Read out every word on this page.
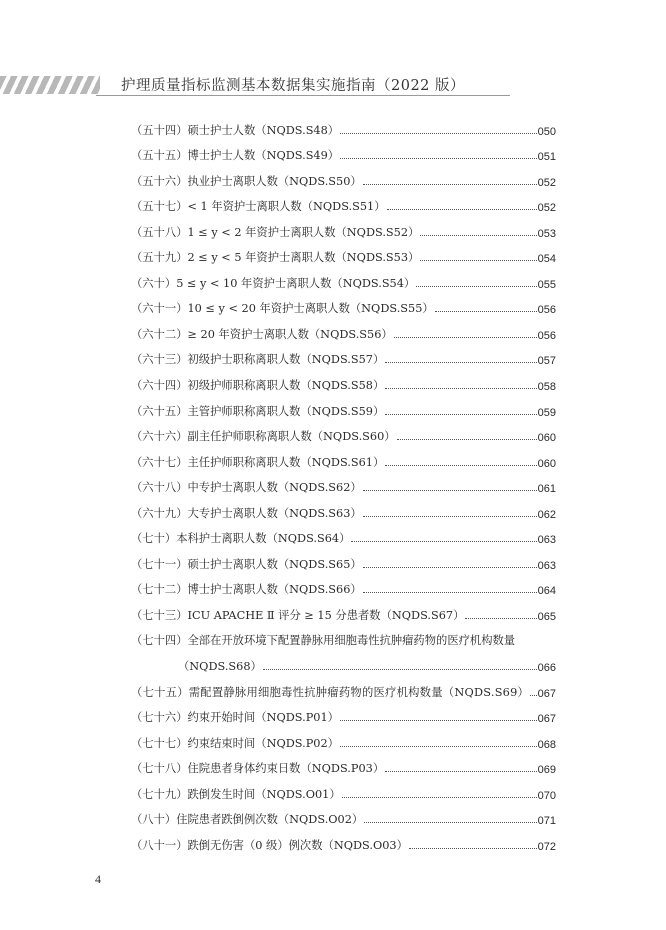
护理质量指标监测基本数据集实施指南（2022 版）
（五十四）硕士护士人数（NQDS.S48）	050
（五十五）博士护士人数（NQDS.S49）	051
（五十六）执业护士离职人数（NQDS.S50）	052
（五十七）< 1 年资护士离职人数（NQDS.S51）	052
（五十八）1 ≤ y < 2 年资护士离职人数（NQDS.S52）	053
（五十九）2 ≤ y < 5 年资护士离职人数（NQDS.S53）	054
（六十）5 ≤ y < 10 年资护士离职人数（NQDS.S54）	055
（六十一）10 ≤ y < 20 年资护士离职人数（NQDS.S55）	056
（六十二）≥ 20 年资护士离职人数（NQDS.S56）	056
（六十三）初级护士职称离职人数（NQDS.S57）	057
（六十四）初级护师职称离职人数（NQDS.S58）	058
（六十五）主管护师职称离职人数（NQDS.S59）	059
（六十六）副主任护师职称离职人数（NQDS.S60）	060
（六十七）主任护师职称离职人数（NQDS.S61）	060
（六十八）中专护士离职人数（NQDS.S62）	061
（六十九）大专护士离职人数（NQDS.S63）	062
（七十）本科护士离职人数（NQDS.S64）	063
（七十一）硕士护士离职人数（NQDS.S65）	063
（七十二）博士护士离职人数（NQDS.S66）	064
（七十三）ICU APACHE Ⅱ 评分 ≥ 15 分患者数（NQDS.S67）	065
（七十四）全部在开放环境下配置静脉用细胞毒性抗肿瘤药物的医疗机构数量
（NQDS.S68）	066
（七十五）需配置静脉用细胞毒性抗肿瘤药物的医疗机构数量（NQDS.S69） 067
（七十六）约束开始时间（NQDS.P01）	067
（七十七）约束结束时间（NQDS.P02）	068
（七十八）住院患者身体约束日数（NQDS.P03）	069
（七十九）跌倒发生时间（NQDS.O01）	070
（八十）住院患者跌倒例次数（NQDS.O02）	071
（八十一）跌倒无伤害（0 级）例次数（NQDS.O03）	072
4
